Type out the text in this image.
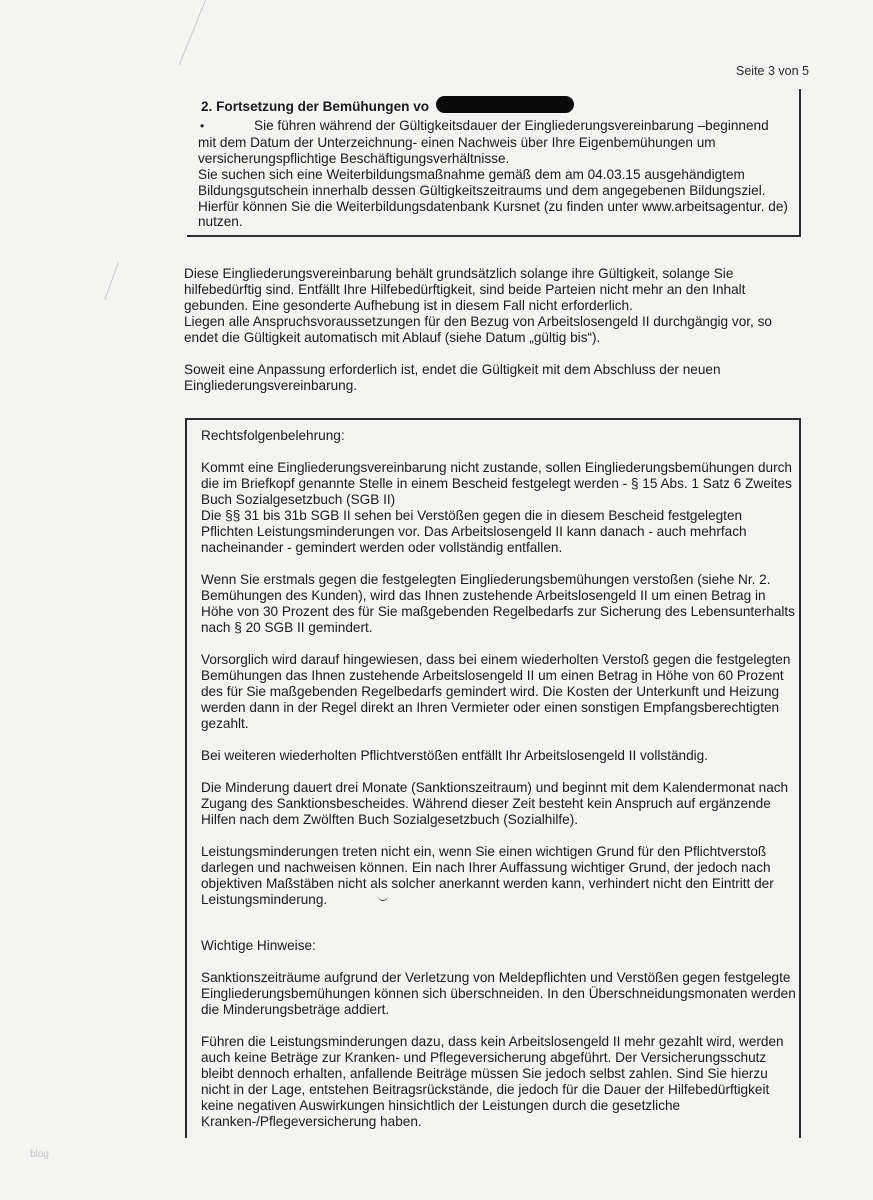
Seite 3 von 5
2. Fortsetzung der Bemühungen vo

•	Sie führen während der Gültigkeitsdauer der Eingliederungsvereinbarung –beginnend mit dem Datum der Unterzeichnung- einen Nachweis über Ihre Eigenbemühungen um versicherungspflichtige Beschäftigungsverhältnisse.

Sie suchen sich eine Weiterbildungsmaßnahme gemäß dem am 04.03.15 ausgehändigtem Bildungsgutschein innerhalb dessen Gültigkeitszeitraums und dem angegebenen Bildungsziel. Hierfür können Sie die Weiterbildungsdatenbank Kursnet (zu finden unter www.arbeitsagentur. de) nutzen.

Diese Eingliederungsvereinbarung behält grundsätzlich solange ihre Gültigkeit, solange Sie hilfebedürftig sind. Entfällt Ihre Hilfebedürftigkeit, sind beide Parteien nicht mehr an den Inhalt gebunden. Eine gesonderte Aufhebung ist in diesem Fall nicht erforderlich.
Liegen alle Anspruchsvoraussetzungen für den Bezug von Arbeitslosengeld II durchgängig vor, so endet die Gültigkeit automatisch mit Ablauf (siehe Datum „gültig bis“).

Soweit eine Anpassung erforderlich ist, endet die Gültigkeit mit dem Abschluss der neuen Eingliederungsvereinbarung.

Rechtsfolgenbelehrung:

Kommt eine Eingliederungsvereinbarung nicht zustande, sollen Eingliederungsbemühungen durch die im Briefkopf genannte Stelle in einem Bescheid festgelegt werden - § 15 Abs. 1 Satz 6 Zweites Buch Sozialgesetzbuch (SGB II)
Die §§ 31 bis 31b SGB II sehen bei Verstößen gegen die in diesem Bescheid festgelegten Pflichten Leistungsminderungen vor. Das Arbeitslosengeld II kann danach - auch mehrfach nacheinander - gemindert werden oder vollständig entfallen.

Wenn Sie erstmals gegen die festgelegten Eingliederungsbemühungen verstoßen (siehe Nr. 2. Bemühungen des Kunden), wird das Ihnen zustehende Arbeitslosengeld II um einen Betrag in Höhe von 30 Prozent des für Sie maßgebenden Regelbedarfs zur Sicherung des Lebensunterhalts nach § 20 SGB II gemindert.

Vorsorglich wird darauf hingewiesen, dass bei einem wiederholten Verstoß gegen die festgelegten Bemühungen das Ihnen zustehende Arbeitslosengeld II um einen Betrag in Höhe von 60 Prozent des für Sie maßgebenden Regelbedarfs gemindert wird. Die Kosten der Unterkunft und Heizung werden dann in der Regel direkt an Ihren Vermieter oder einen sonstigen Empfangsberechtigten gezahlt.

Bei weiteren wiederholten Pflichtverstößen entfällt Ihr Arbeitslosengeld II vollständig.

Die Minderung dauert drei Monate (Sanktionszeitraum) und beginnt mit dem Kalendermonat nach Zugang des Sanktionsbescheides. Während dieser Zeit besteht kein Anspruch auf ergänzende Hilfen nach dem Zwölften Buch Sozialgesetzbuch (Sozialhilfe).

Leistungsminderungen treten nicht ein, wenn Sie einen wichtigen Grund für den Pflichtverstoß darlegen und nachweisen können. Ein nach Ihrer Auffassung wichtiger Grund, der jedoch nach objektiven Maßstäben nicht als solcher anerkannt werden kann, verhindert nicht den Eintritt der Leistungsminderung.

Wichtige Hinweise:

Sanktionszeiträume aufgrund der Verletzung von Meldepflichten und Verstößen gegen festgelegte Eingliederungsbemühungen können sich überschneiden. In den Überschneidungsmonaten werden die Minderungsbeträge addiert.

Führen die Leistungsminderungen dazu, dass kein Arbeitslosengeld II mehr gezahlt wird, werden auch keine Beträge zur Kranken- und Pflegeversicherung abgeführt. Der Versicherungsschutz bleibt dennoch erhalten, anfallende Beiträge müssen Sie jedoch selbst zahlen. Sind Sie hierzu nicht in der Lage, entstehen Beitragsrückstände, die jedoch für die Dauer der Hilfebedürftigkeit keine negativen Auswirkungen hinsichtlich der Leistungen durch die gesetzliche Kranken-/Pflegeversicherung haben.

blog
